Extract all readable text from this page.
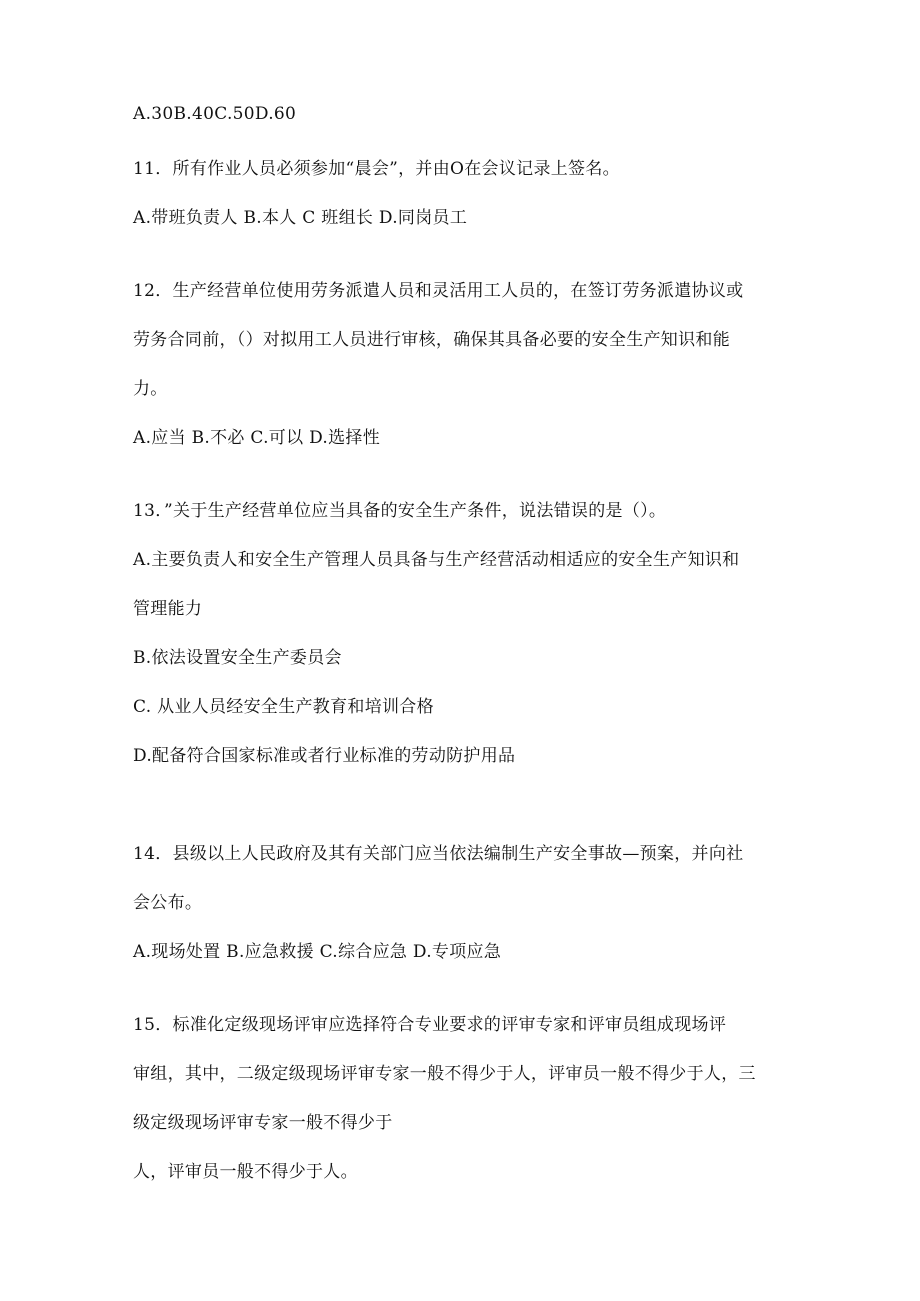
A.30B.40C.50D.60
11．所有作业人员必须参加“晨会”，并由O在会议记录上签名。
A.带班负责人 B.本人 C 班组长 D.同岗员工
12．生产经营单位使用劳务派遣人员和灵活用工人员的，在签订劳务派遣协议或
劳务合同前，（）对拟用工人员进行审核，确保其具备必要的安全生产知识和能
力。
A.应当 B.不必 C.可以 D.选择性
13．”关于生产经营单位应当具备的安全生产条件，说法错误的是（）。
A.主要负责人和安全生产管理人员具备与生产经营活动相适应的安全生产知识和
管理能力
B.依法设置安全生产委员会
C. 从业人员经安全生产教育和培训合格
D.配备符合国家标准或者行业标准的劳动防护用品
14．县级以上人民政府及其有关部门应当依法编制生产安全事故—预案，并向社
会公布。
A.现场处置 B.应急救援 C.综合应急 D.专项应急
15．标准化定级现场评审应选择符合专业要求的评审专家和评审员组成现场评
审组，其中，二级定级现场评审专家一般不得少于人，评审员一般不得少于人，三
级定级现场评审专家一般不得少于
人，评审员一般不得少于人。
